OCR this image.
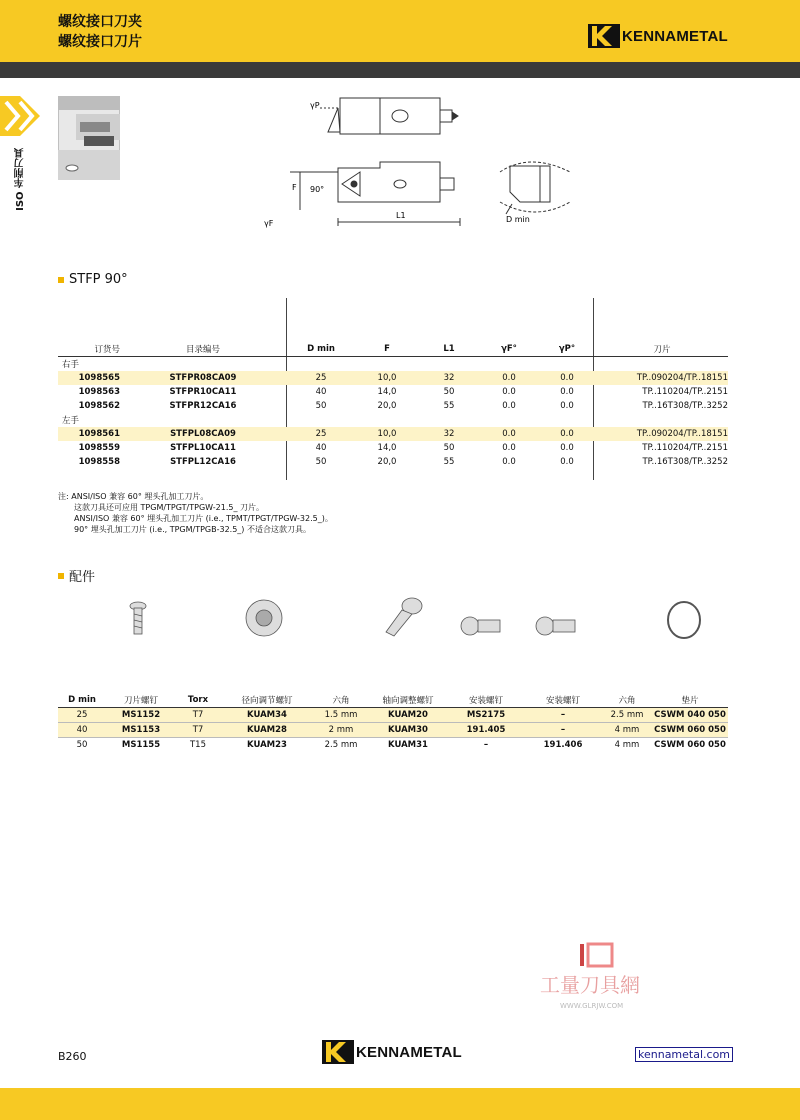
螺纹接口刀夹
螺纹接口刀片	KENNAMETAL
ISO 车削刀具
γP
F 90°
L1
γF	D min
STFP 90°
订货号	目录编号	D min	F	L1	γF°	γP°	刀片
右手							
1098565	STFPR08CA09	25	10,0	32	0.0	0.0	TP..090204/TP..18151
1098563	STFPR10CA11	40	14,0	50	0.0	0.0	TP..110204/TP..2151
1098562	STFPR12CA16	50	20,0	55	0.0	0.0	TP..16T308/TP..3252
左手							
1098561	STFPL08CA09	25	10,0	32	0.0	0.0	TP..090204/TP..18151
1098559	STFPL10CA11	40	14,0	50	0.0	0.0	TP..110204/TP..2151
1098558	STFPL12CA16	50	20,0	55	0.0	0.0	TP..16T308/TP..3252
注: ANSI/ISO 兼容 60° 埋头孔加工刀片。
这款刀具还可应用 TPGM/TPGT/TPGW-21.5_ 刀片。
ANSI/ISO 兼容 60° 埋头孔加工刀片 (i.e., TPMT/TPGT/TPGW-32.5_)。
90° 埋头孔加工刀片 (i.e., TPGM/TPGB-32.5_) 不适合这款刀具。
配件
D min	刀片螺钉	Torx	径向调节螺钉	六角	轴向调整螺钉	安装螺钉	安装螺钉	六角	垫片
25	MS1152	T7	KUAM34	1.5 mm	KUAM20	MS2175	–	2.5 mm	CSWM 040 050
40	MS1153	T7	KUAM28	2 mm	KUAM30	191.405	–	4 mm	CSWM 060 050
50	MS1155	T15	KUAM23	2.5 mm	KUAM31	–	191.406	4 mm	CSWM 060 050
工量刀具網
WWW.GLRJW.COM
B260	KENNAMETAL	kennametal.com
